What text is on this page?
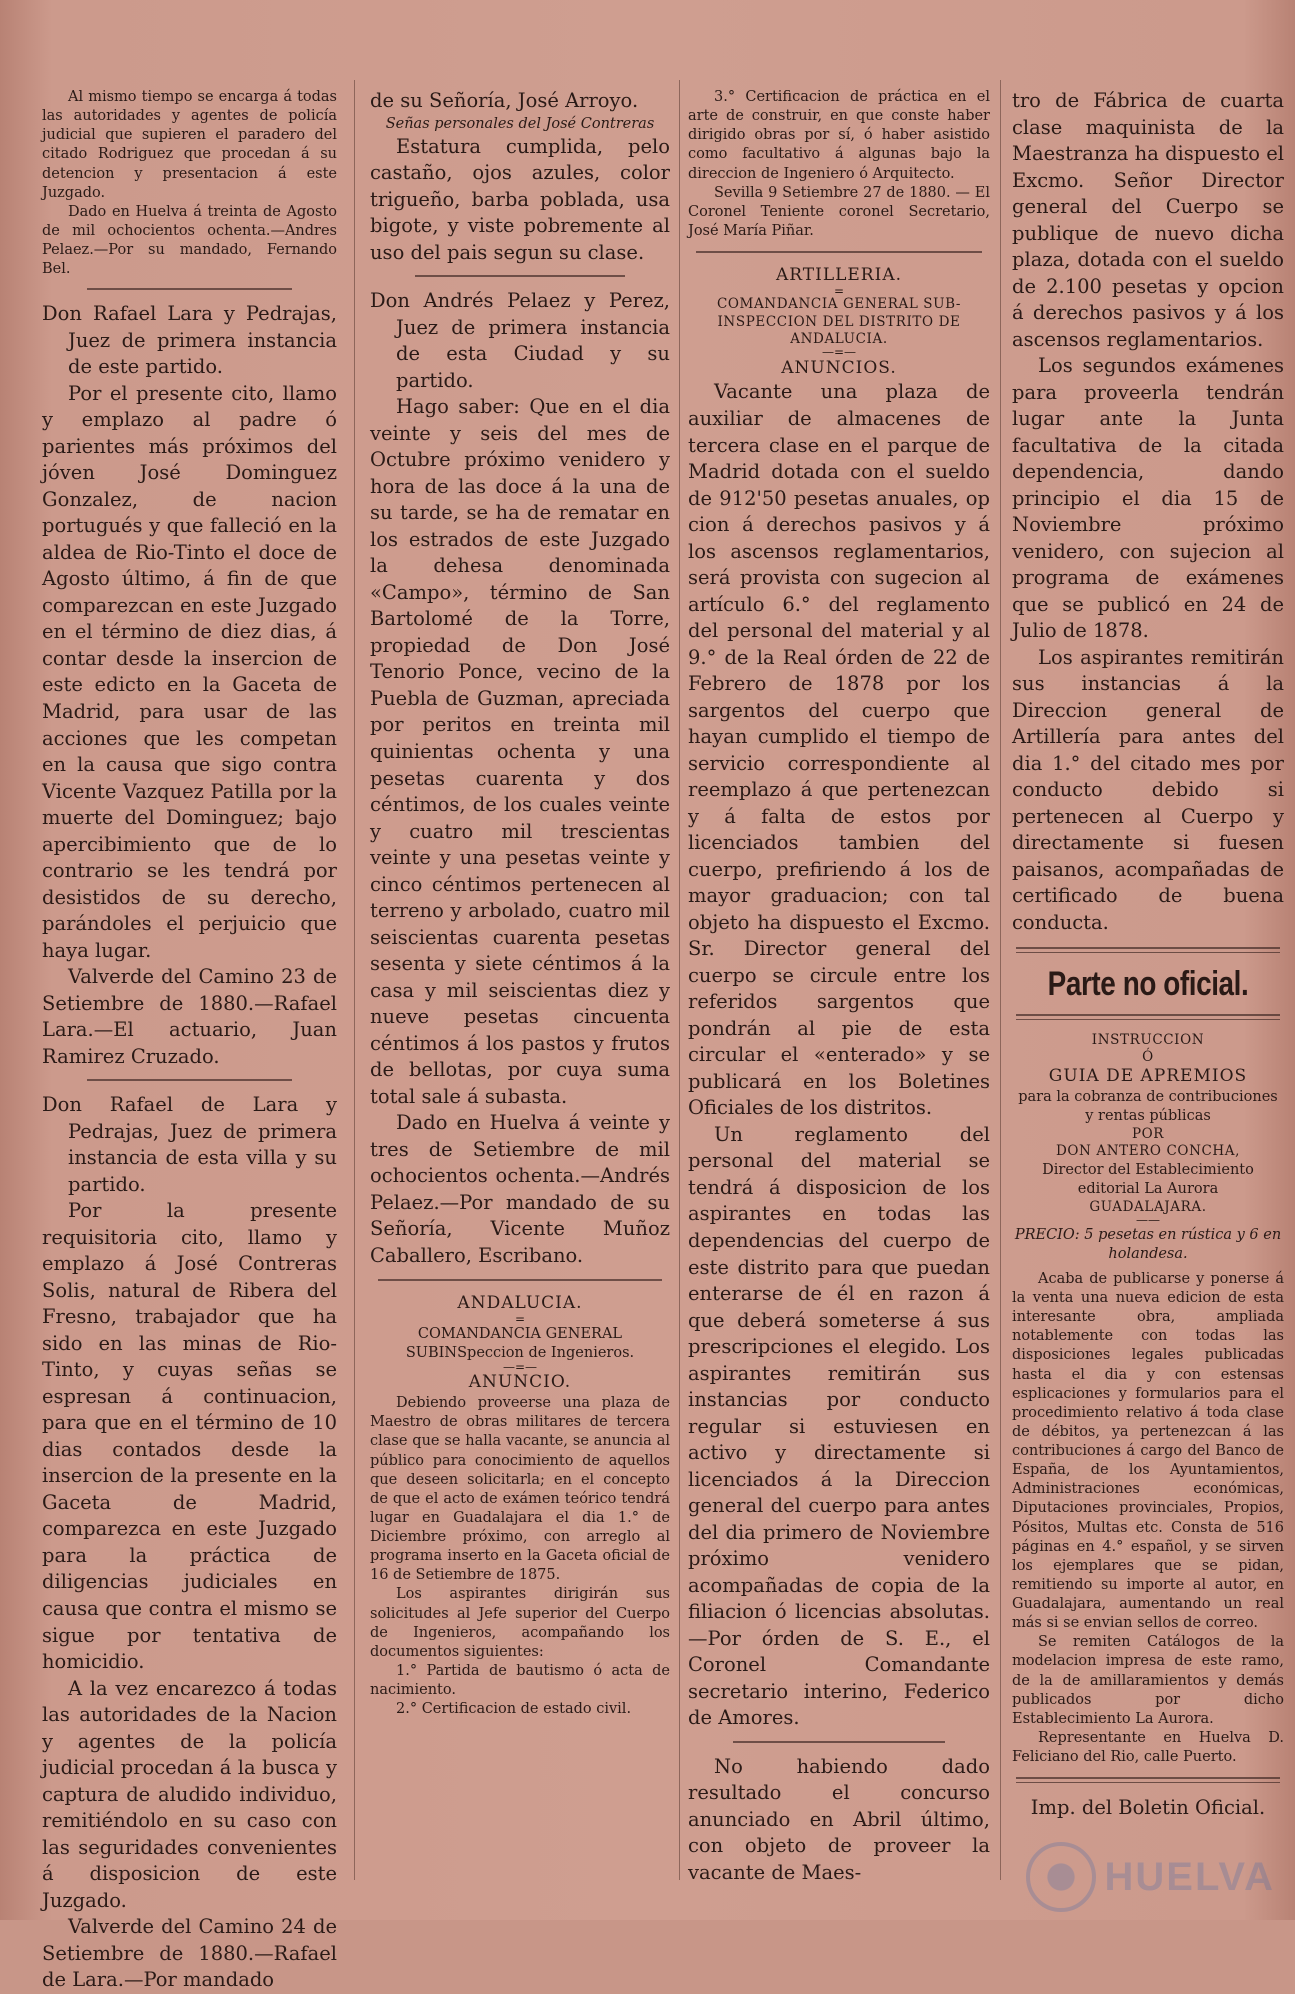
Al mismo tiempo se encarga á todas las autoridades y agentes de policía judicial que supieren el paradero del citado Rodriguez que procedan á su detencion y presentacion á este Juzgado.

Dado en Huelva á treinta de Agosto de mil ochocientos ochenta.—Andres Pelaez.—Por su mandado, Fernando Bel.

Don Rafael Lara y Pedrajas, Juez de primera instancia de este partido.

Por el presente cito, llamo y emplazo al padre ó parientes más próximos del jóven José Dominguez Gonzalez, de nacion portugués y que falleció en la aldea de Rio-Tinto el doce de Agosto último, á fin de que comparezcan en este Juzgado en el término de diez dias, á contar desde la insercion de este edicto en la Gaceta de Madrid, para usar de las acciones que les competan en la causa que sigo contra Vicente Vazquez Patilla por la muerte del Dominguez; bajo apercibimiento que de lo contrario se les tendrá por desistidos de su derecho, parándoles el perjuicio que haya lugar.

Valverde del Camino 23 de Setiembre de 1880.—Rafael Lara.—El actuario, Juan Ramirez Cruzado.

Don Rafael de Lara y Pedrajas, Juez de primera instancia de esta villa y su partido.

Por la presente requisitoria cito, llamo y emplazo á José Contreras Solis, natural de Ribera del Fresno, trabajador que ha sido en las minas de Rio-Tinto, y cuyas señas se espresan á continuacion, para que en el término de 10 dias contados desde la insercion de la presente en la Gaceta de Madrid, comparezca en este Juzgado para la práctica de diligencias judiciales en causa que contra el mismo se sigue por tentativa de homicidio.

A la vez encarezco á todas las autoridades de la Nacion y agentes de la policía judicial procedan á la busca y captura de aludido individuo, remitiéndolo en su caso con las seguridades convenientes á disposicion de este Juzgado.

Valverde del Camino 24 de Setiembre de 1880.—Rafael de Lara.—Por mandado

de su Señoría, José Arroyo.

Señas personales del José Contreras

Estatura cumplida, pelo castaño, ojos azules, color trigueño, barba poblada, usa bigote, y viste pobremente al uso del pais segun su clase.

Don Andrés Pelaez y Perez, Juez de primera instancia de esta Ciudad y su partido.

Hago saber: Que en el dia veinte y seis del mes de Octubre próximo venidero y hora de las doce á la una de su tarde, se ha de rematar en los estrados de este Juzgado la dehesa denominada «Campo», término de San Bartolomé de la Torre, propiedad de Don José Tenorio Ponce, vecino de la Puebla de Guzman, apreciada por peritos en treinta mil quinientas ochenta y una pesetas cuarenta y dos céntimos, de los cuales veinte y cuatro mil trescientas veinte y una pesetas veinte y cinco céntimos pertenecen al terreno y arbolado, cuatro mil seiscientas cuarenta pesetas sesenta y siete céntimos á la casa y mil seiscientas diez y nueve pesetas cincuenta céntimos á los pastos y frutos de bellotas, por cuya suma total sale á subasta.

Dado en Huelva á veinte y tres de Setiembre de mil ochocientos ochenta.—Andrés Pelaez.—Por mandado de su Señoría, Vicente Muñoz Caballero, Escribano.

ANDALUCIA.

=

COMANDANCIA GENERAL SUBINSpeccion de Ingenieros.

—=—

ANUNCIO.

Debiendo proveerse una plaza de Maestro de obras militares de tercera clase que se halla vacante, se anuncia al público para conocimiento de aquellos que deseen solicitarla; en el concepto de que el acto de exámen teórico tendrá lugar en Guadalajara el dia 1.° de Diciembre próximo, con arreglo al programa inserto en la Gaceta oficial de 16 de Setiembre de 1875.

Los aspirantes dirigirán sus solicitudes al Jefe superior del Cuerpo de Ingenieros, acompañando los documentos siguientes:

1.° Partida de bautismo ó acta de nacimiento.

2.° Certificacion de estado civil.

3.° Certificacion de práctica en el arte de construir, en que conste haber dirigido obras por sí, ó haber asistido como facultativo á algunas bajo la direccion de Ingeniero ó Arquitecto.

Sevilla 9 Setiembre 27 de 1880. — El Coronel Teniente coronel Secretario, José María Piñar.

ARTILLERIA.

=

COMANDANCIA GENERAL SUB-INSPECCION DEL DISTRITO DE ANDALUCIA.

—=—

ANUNCIOS.

Vacante una plaza de auxiliar de almacenes de tercera clase en el parque de Madrid dotada con el sueldo de 912'50 pesetas anuales, op cion á derechos pasivos y á los ascensos reglamentarios, será provista con sugecion al artículo 6.° del reglamento del personal del material y al 9.° de la Real órden de 22 de Febrero de 1878 por los sargentos del cuerpo que hayan cumplido el tiempo de servicio correspondiente al reemplazo á que pertenezcan y á falta de estos por licenciados tambien del cuerpo, prefiriendo á los de mayor graduacion; con tal objeto ha dispuesto el Excmo. Sr. Director general del cuerpo se circule entre los referidos sargentos que pondrán al pie de esta circular el «enterado» y se publicará en los Boletines Oficiales de los distritos.

Un reglamento del personal del material se tendrá á disposicion de los aspirantes en todas las dependencias del cuerpo de este distrito para que puedan enterarse de él en razon á que deberá someterse á sus prescripciones el elegido. Los aspirantes remitirán sus instancias por conducto regular si estuviesen en activo y directamente si licenciados á la Direccion general del cuerpo para antes del dia primero de Noviembre próximo venidero acompañadas de copia de la filiacion ó licencias absolutas.—Por órden de S. E., el Coronel Comandante secretario interino, Federico de Amores.

No habiendo dado resultado el concurso anunciado en Abril último, con objeto de proveer la vacante de Maes-

tro de Fábrica de cuarta clase maquinista de la Maestranza ha dispuesto el Excmo. Señor Director general del Cuerpo se publique de nuevo dicha plaza, dotada con el sueldo de 2.100 pesetas y opcion á derechos pasivos y á los ascensos reglamentarios.

Los segundos exámenes para proveerla tendrán lugar ante la Junta facultativa de la citada dependencia, dando principio el dia 15 de Noviembre próximo venidero, con sujecion al programa de exámenes que se publicó en 24 de Julio de 1878.

Los aspirantes remitirán sus instancias á la Direccion general de Artillería para antes del dia 1.° del citado mes por conducto debido si pertenecen al Cuerpo y directamente si fuesen paisanos, acompañadas de certificado de buena conducta.

Parte no oficial.

INSTRUCCION

Ó

GUIA DE APREMIOS

para la cobranza de contribuciones y rentas públicas

POR

DON ANTERO CONCHA,

Director del Establecimiento editorial La Aurora

GUADALAJARA.

——

PRECIO: 5 pesetas en rústica y 6 en holandesa.

Acaba de publicarse y ponerse á la venta una nueva edicion de esta interesante obra, ampliada notablemente con todas las disposiciones legales publicadas hasta el dia y con estensas esplicaciones y formularios para el procedimiento relativo á toda clase de débitos, ya pertenezcan á las contribuciones á cargo del Banco de España, de los Ayuntamientos, Administraciones económicas, Diputaciones provinciales, Propios, Pósitos, Multas etc. Consta de 516 páginas en 4.° español, y se sirven los ejemplares que se pidan, remitiendo su importe al autor, en Guadalajara, aumentando un real más si se envian sellos de correo.

Se remiten Catálogos de la modelacion impresa de este ramo, de la de amillaramientos y demás publicados por dicho Establecimiento La Aurora.

Representante en Huelva D. Feliciano del Rio, calle Puerto.

Imp. del Boletin Oficial.

HUELVA
